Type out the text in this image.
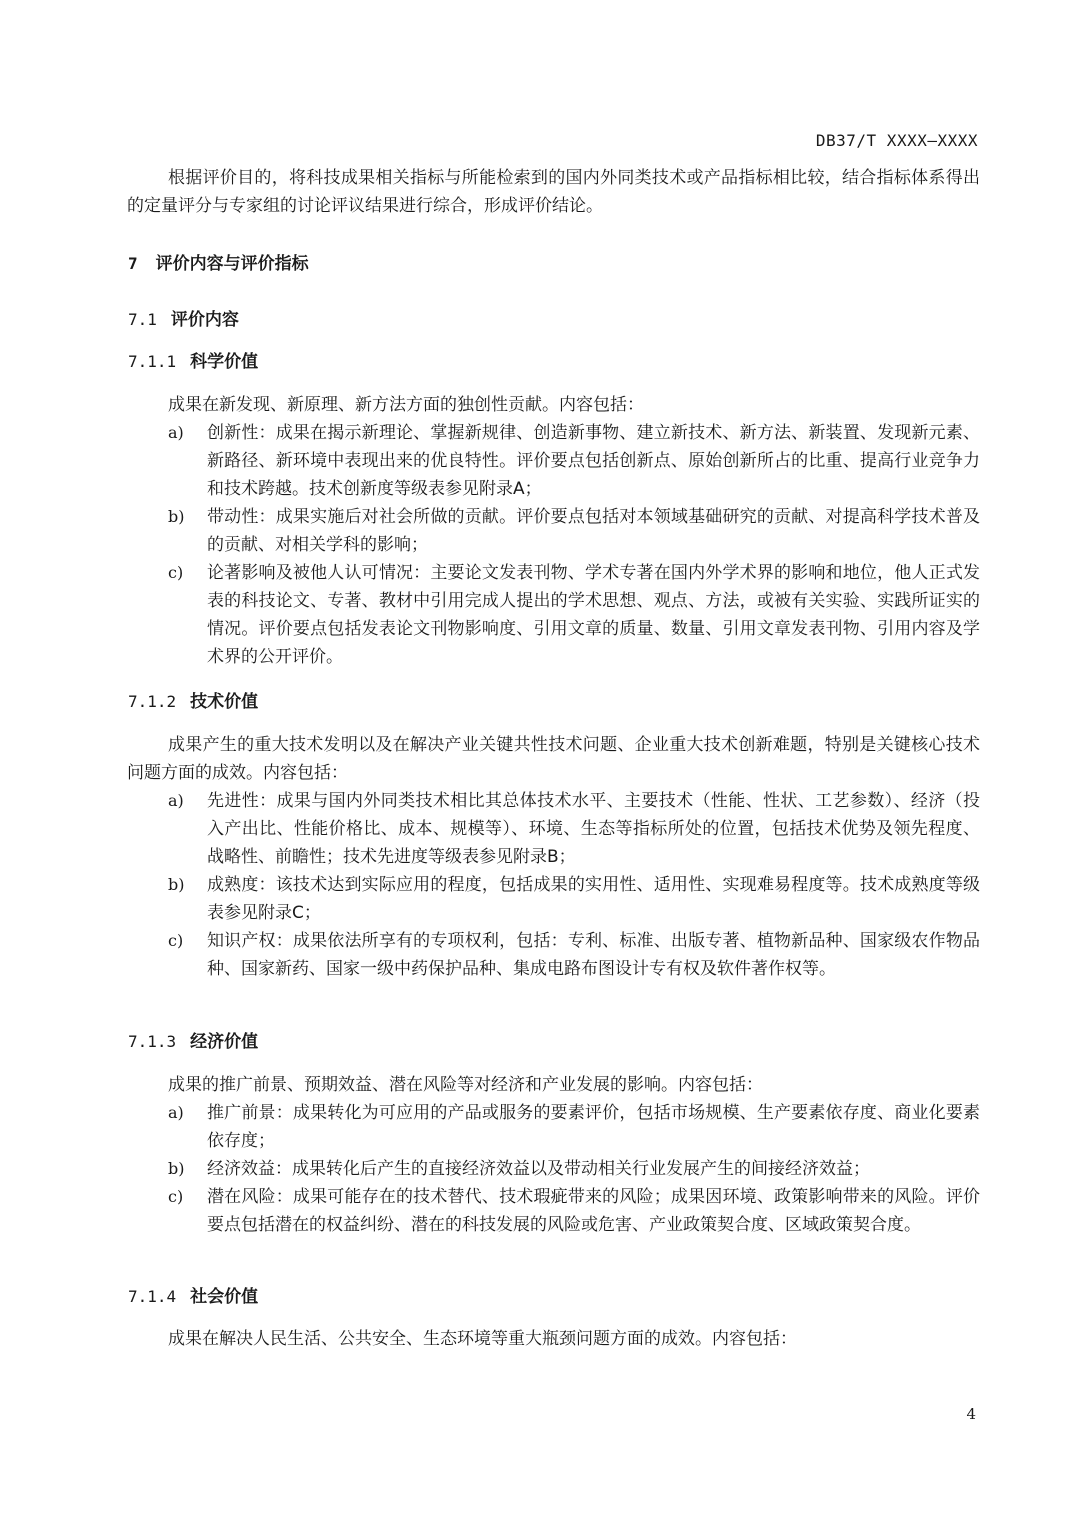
DB37/T XXXX—XXXX

根据评价目的，将科技成果相关指标与所能检索到的国内外同类技术或产品指标相比较，结合指标体系得出的定量评分与专家组的讨论评议结果进行综合，形成评价结论。

7 评价内容与评价指标
7.1 评价内容
7.1.1 科学价值

成果在新发现、新原理、新方法方面的独创性贡献。内容包括：

a) 创新性：成果在揭示新理论、掌握新规律、创造新事物、建立新技术、新方法、新装置、发现新元素、新路径、新环境中表现出来的优良特性。评价要点包括创新点、原始创新所占的比重、提高行业竞争力和技术跨越。技术创新度等级表参见附录A；
b) 带动性：成果实施后对社会所做的贡献。评价要点包括对本领域基础研究的贡献、对提高科学技术普及的贡献、对相关学科的影响；
c) 论著影响及被他人认可情况：主要论文发表刊物、学术专著在国内外学术界的影响和地位，他人正式发表的科技论文、专著、教材中引用完成人提出的学术思想、观点、方法，或被有关实验、实践所证实的情况。评价要点包括发表论文刊物影响度、引用文章的质量、数量、引用文章发表刊物、引用内容及学术界的公开评价。
7.1.2 技术价值

成果产生的重大技术发明以及在解决产业关键共性技术问题、企业重大技术创新难题，特别是关键核心技术问题方面的成效。内容包括：

a) 先进性：成果与国内外同类技术相比其总体技术水平、主要技术（性能、性状、工艺参数）、经济（投入产出比、性能价格比、成本、规模等）、环境、生态等指标所处的位置，包括技术优势及领先程度、战略性、前瞻性；技术先进度等级表参见附录B；
b) 成熟度：该技术达到实际应用的程度，包括成果的实用性、适用性、实现难易程度等。技术成熟度等级表参见附录C；
c) 知识产权：成果依法所享有的专项权利，包括：专利、标准、出版专著、植物新品种、国家级农作物品种、国家新药、国家一级中药保护品种、集成电路布图设计专有权及软件著作权等。
7.1.3 经济价值

成果的推广前景、预期效益、潜在风险等对经济和产业发展的影响。内容包括：

a) 推广前景：成果转化为可应用的产品或服务的要素评价，包括市场规模、生产要素依存度、商业化要素依存度；
b) 经济效益：成果转化后产生的直接经济效益以及带动相关行业发展产生的间接经济效益；
c) 潜在风险：成果可能存在的技术替代、技术瑕疵带来的风险；成果因环境、政策影响带来的风险。评价要点包括潜在的权益纠纷、潜在的科技发展的风险或危害、产业政策契合度、区域政策契合度。
7.1.4 社会价值

成果在解决人民生活、公共安全、生态环境等重大瓶颈问题方面的成效。内容包括：

4
